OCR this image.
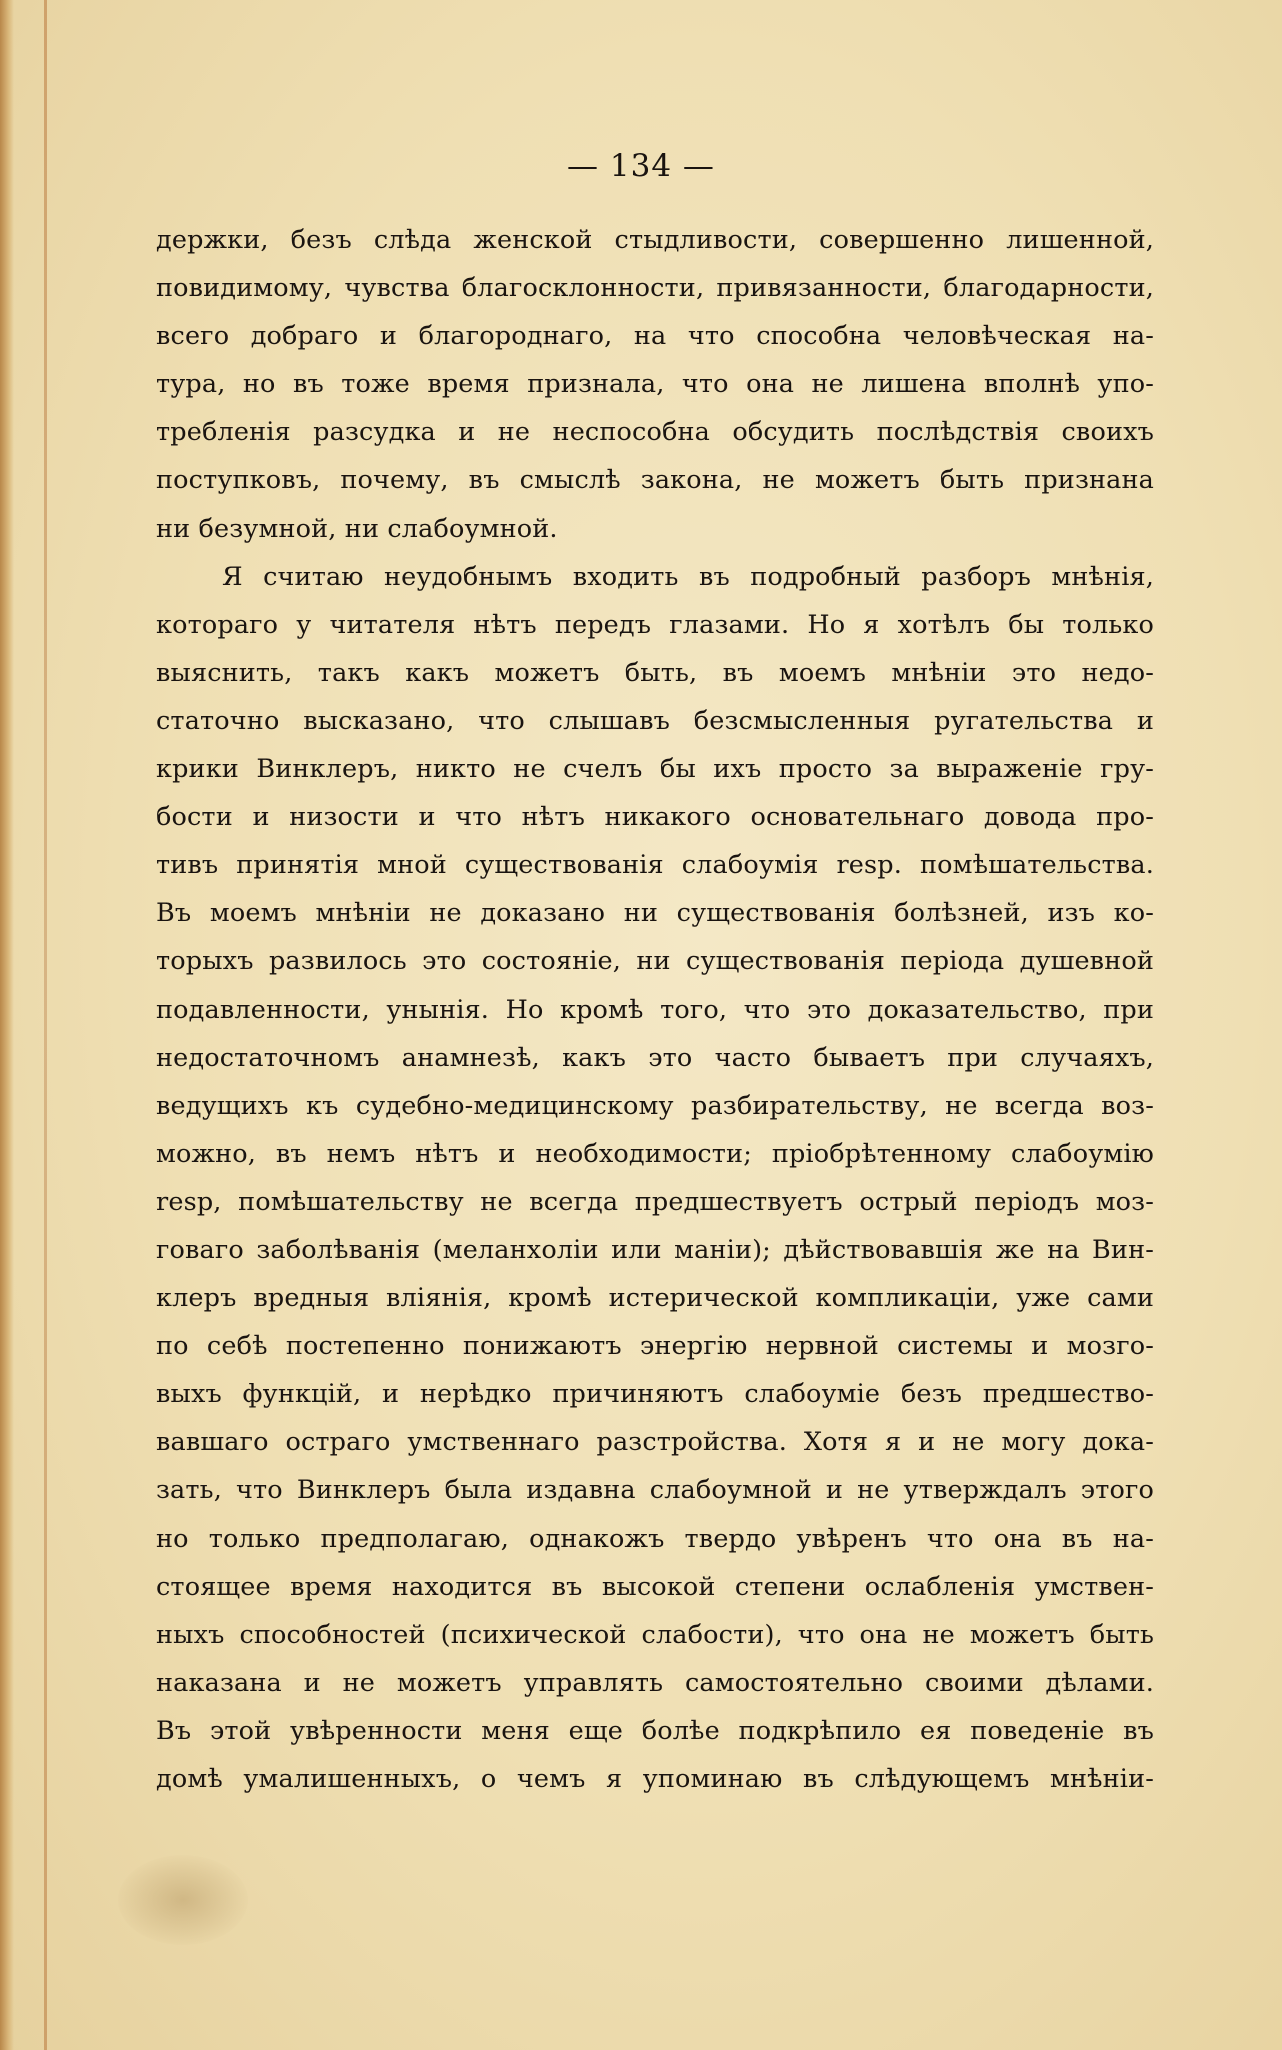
— 134 —
держки, безъ слѣда женской стыдливости, совершенно лишенной,
повидимому, чувства благосклонности, привязанности, благодарности,
всего добраго и благороднаго, на что способна человѣческая на-
тура, но въ тоже время признала, что она не лишена вполнѣ упо-
требленія разсудка и не неспособна обсудить послѣдствія своихъ
поступковъ, почему, въ смыслѣ закона, не можетъ быть признана
ни безумной, ни слабоумной.
Я считаю неудобнымъ входить въ подробный разборъ мнѣнія,
котораго у читателя нѣтъ передъ глазами. Но я хотѣлъ бы только
выяснить, такъ какъ можетъ быть, въ моемъ мнѣніи это недо-
статочно высказано, что слышавъ безсмысленныя ругательства и
крики Винклеръ, никто не счелъ бы ихъ просто за выраженіе гру-
бости и низости и что нѣтъ никакого основательнаго довода про-
тивъ принятія мной существованія слабоумія resp. помѣшательства.
Въ моемъ мнѣніи не доказано ни существованія болѣзней, изъ ко-
торыхъ развилось это состояніе, ни существованія періода душевной
подавленности, унынія. Но кромѣ того, что это доказательство, при
недостаточномъ анамнезѣ, какъ это часто бываетъ при случаяхъ,
ведущихъ къ судебно-медицинскому разбирательству, не всегда воз-
можно, въ немъ нѣтъ и необходимости; пріобрѣтенному слабоумію
resp, помѣшательству не всегда предшествуетъ острый періодъ моз-
говаго заболѣванія (меланхоліи или маніи); дѣйствовавшія же на Вин-
клеръ вредныя вліянія, кромѣ истерической компликаціи, уже сами
по себѣ постепенно понижаютъ энергію нервной системы и мозго-
выхъ функцій, и нерѣдко причиняютъ слабоуміе безъ предшество-
вавшаго остраго умственнаго разстройства. Хотя я и не могу дока-
зать, что Винклеръ была издавна слабоумной и не утверждалъ этого
но только предполагаю, однакожъ твердо увѣренъ что она въ на-
стоящее время находится въ высокой степени ослабленія умствен-
ныхъ способностей (психической слабости), что она не можетъ быть
наказана и не можетъ управлять самостоятельно своими дѣлами.
Въ этой увѣренности меня еще болѣе подкрѣпило ея поведеніе въ
домѣ умалишенныхъ, о чемъ я упоминаю въ слѣдующемъ мнѣніи-
